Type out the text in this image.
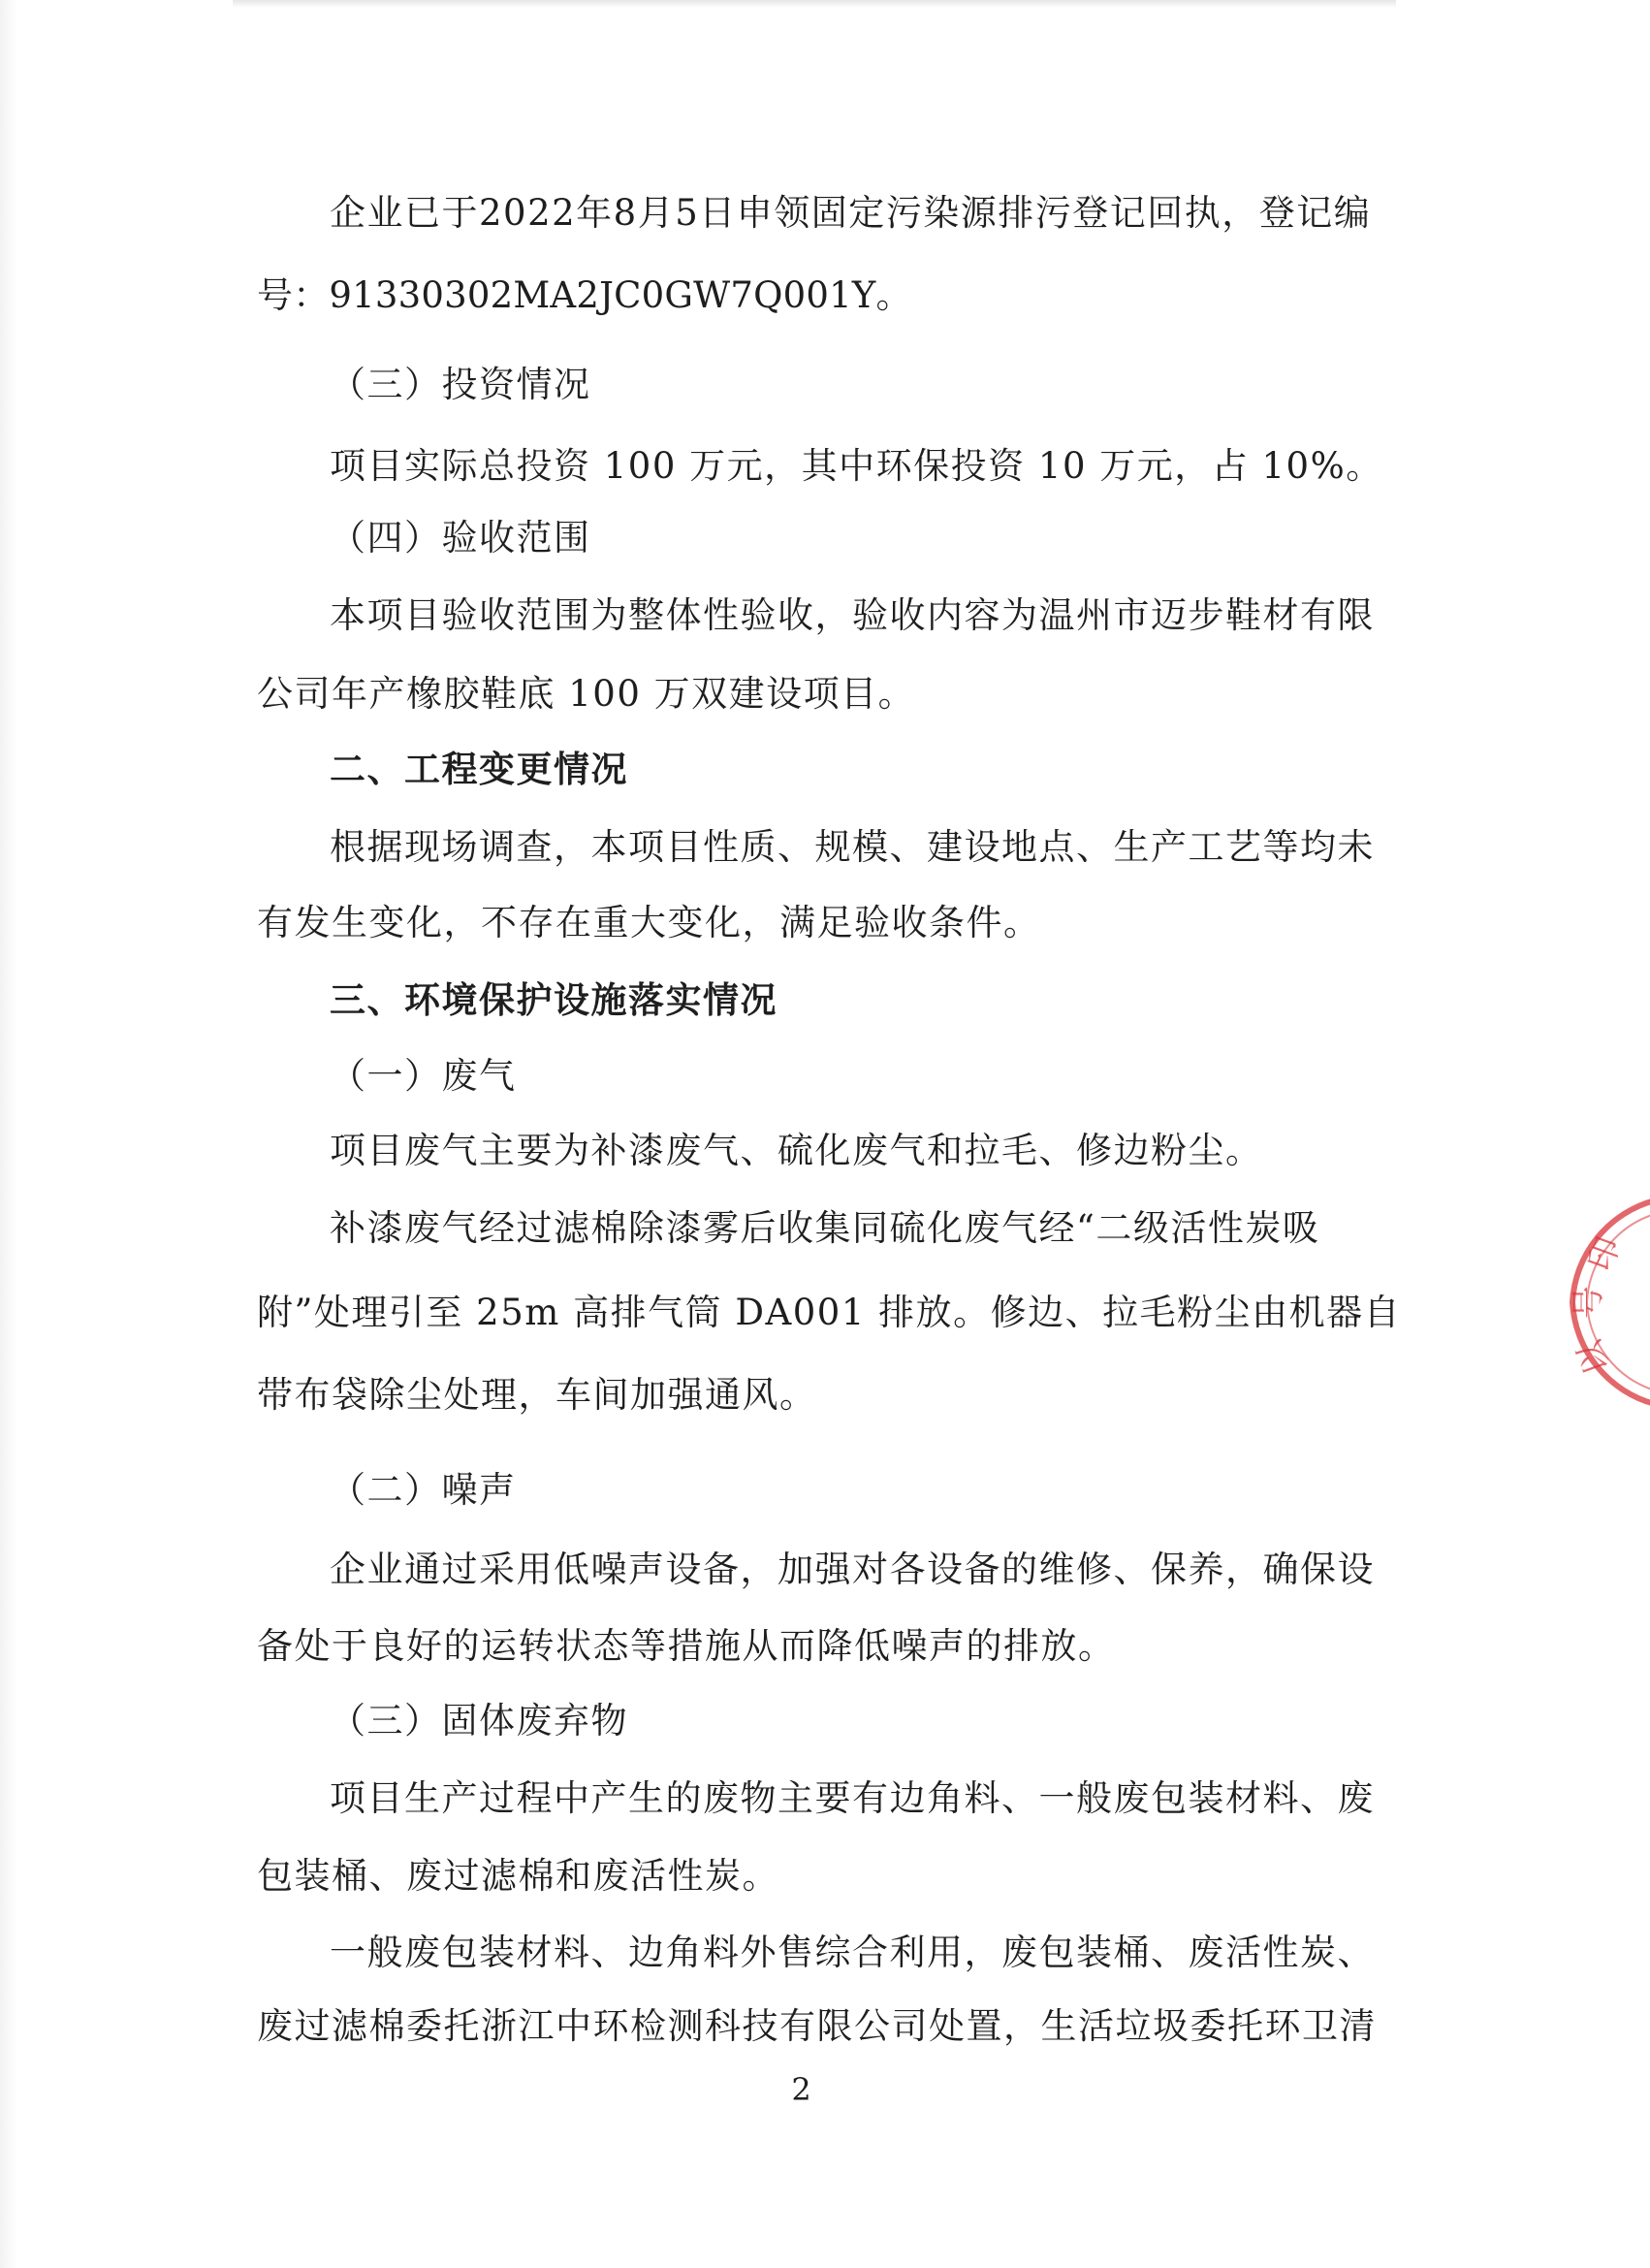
企业已于2022年8月5日申领固定污染源排污登记回执，登记编
号：91330302MA2JC0GW7Q001Y。
（三）投资情况
项目实际总投资 100 万元，其中环保投资 10 万元，占 10%。
（四）验收范围
本项目验收范围为整体性验收，验收内容为温州市迈步鞋材有限
公司年产橡胶鞋底 100 万双建设项目。
二、工程变更情况
根据现场调查，本项目性质、规模、建设地点、生产工艺等均未
有发生变化，不存在重大变化，满足验收条件。
三、环境保护设施落实情况
（一）废气
项目废气主要为补漆废气、硫化废气和拉毛、修边粉尘。
补漆废气经过滤棉除漆雾后收集同硫化废气经“二级活性炭吸
附”处理引至 25m 高排气筒 DA001 排放。修边、拉毛粉尘由机器自
带布袋除尘处理，车间加强通风。
（二）噪声
企业通过采用低噪声设备，加强对各设备的维修、保养，确保设
备处于良好的运转状态等措施从而降低噪声的排放。
（三）固体废弃物
项目生产过程中产生的废物主要有边角料、一般废包装材料、废
包装桶、废过滤棉和废活性炭。
一般废包装材料、边角料外售综合利用，废包装桶、废活性炭、
废过滤棉委托浙江中环检测科技有限公司处置，生活垃圾委托环卫清
2
印
号
以
